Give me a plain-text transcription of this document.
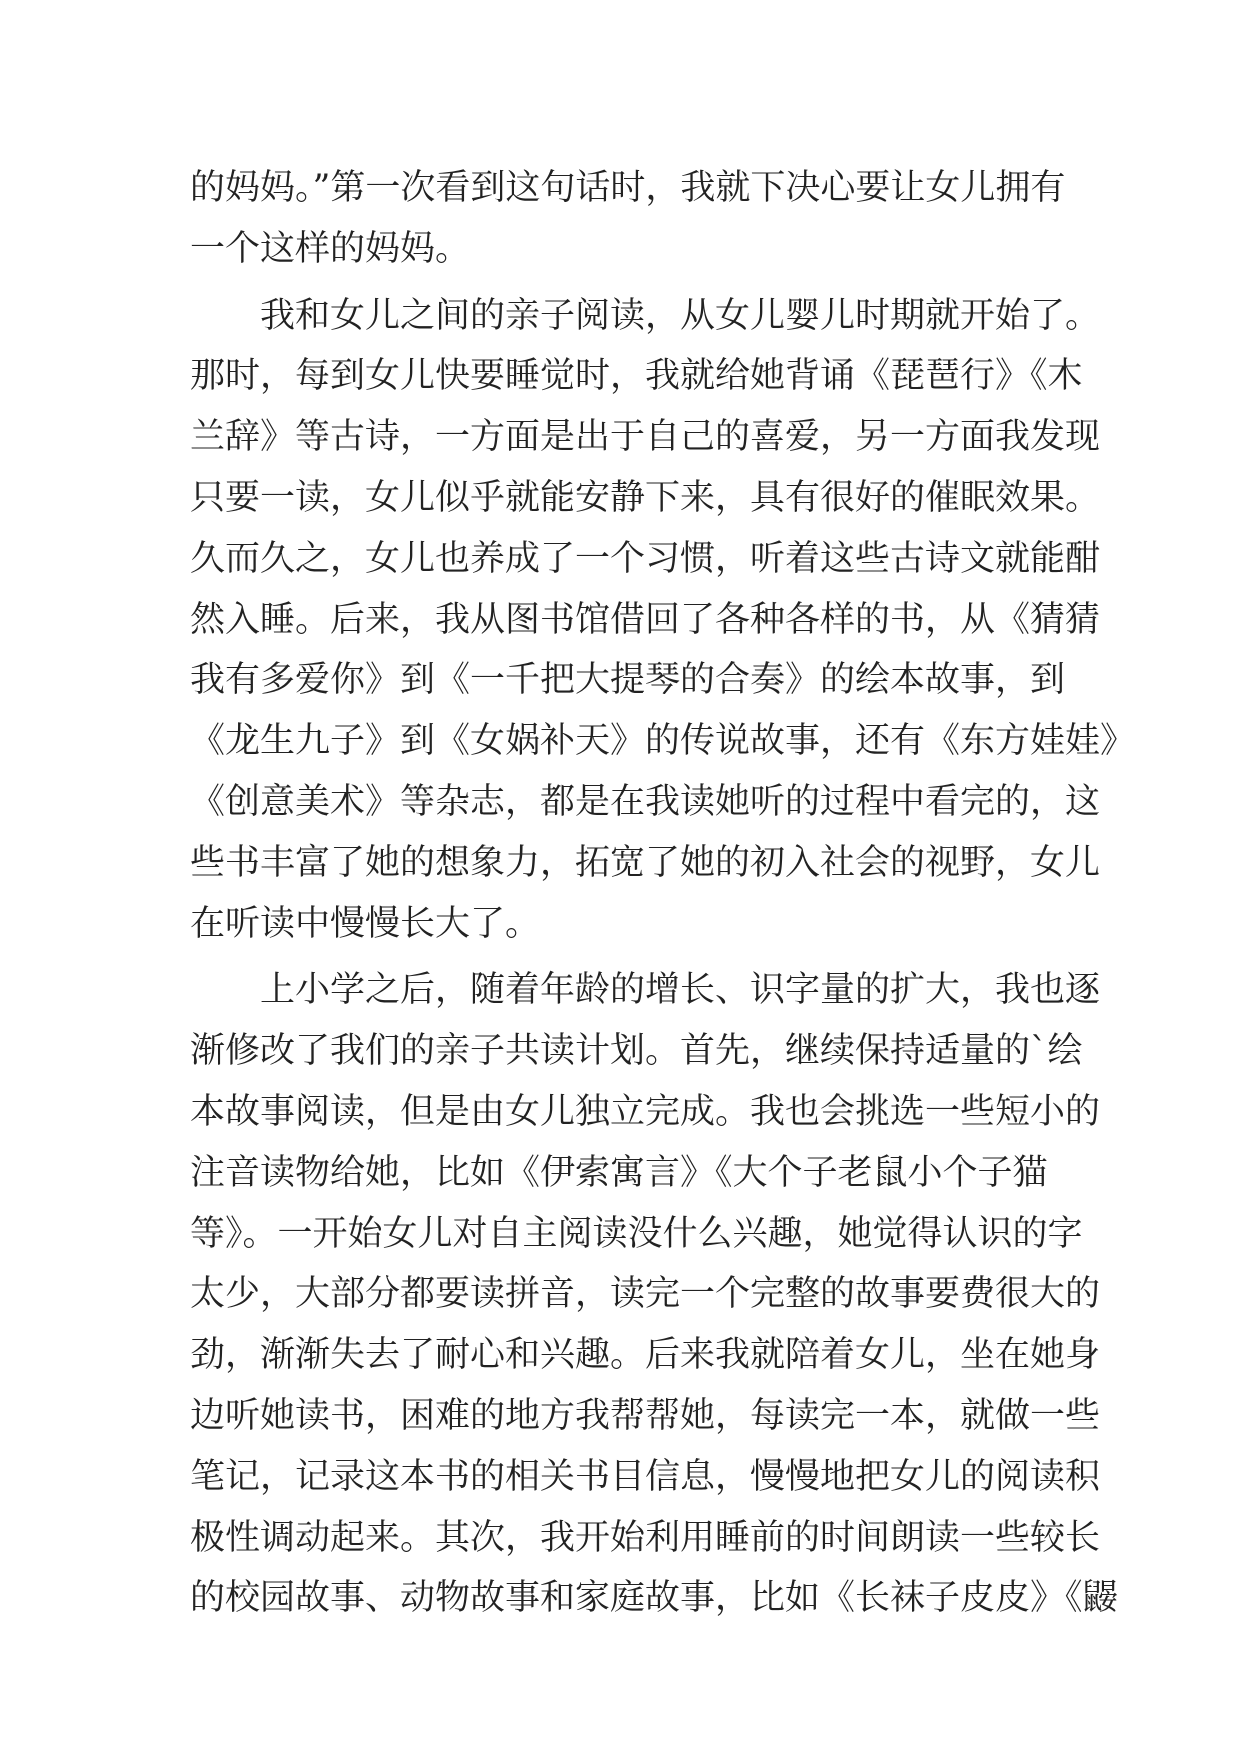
的妈妈。”第一次看到这句话时，我就下决心要让女儿拥有
一个这样的妈妈。
我和女儿之间的亲子阅读，从女儿婴儿时期就开始了。
那时，每到女儿快要睡觉时，我就给她背诵《琵琶行》《木
兰辞》等古诗，一方面是出于自己的喜爱，另一方面我发现
只要一读，女儿似乎就能安静下来，具有很好的催眠效果。
久而久之，女儿也养成了一个习惯，听着这些古诗文就能酣
然入睡。后来，我从图书馆借回了各种各样的书，从《猜猜
我有多爱你》到《一千把大提琴的合奏》的绘本故事，到
《龙生九子》到《女娲补天》的传说故事，还有《东方娃娃》
《创意美术》等杂志，都是在我读她听的过程中看完的，这
些书丰富了她的想象力，拓宽了她的初入社会的视野，女儿
在听读中慢慢长大了。
上小学之后，随着年龄的增长、识字量的扩大，我也逐
渐修改了我们的亲子共读计划。首先，继续保持适量的`绘
本故事阅读，但是由女儿独立完成。我也会挑选一些短小的
注音读物给她，比如《伊索寓言》《大个子老鼠小个子猫
等》。一开始女儿对自主阅读没什么兴趣，她觉得认识的字
太少，大部分都要读拼音，读完一个完整的故事要费很大的
劲，渐渐失去了耐心和兴趣。后来我就陪着女儿，坐在她身
边听她读书，困难的地方我帮帮她，每读完一本，就做一些
笔记，记录这本书的相关书目信息，慢慢地把女儿的阅读积
极性调动起来。其次，我开始利用睡前的时间朗读一些较长
的校园故事、动物故事和家庭故事，比如《长袜子皮皮》《鼹
